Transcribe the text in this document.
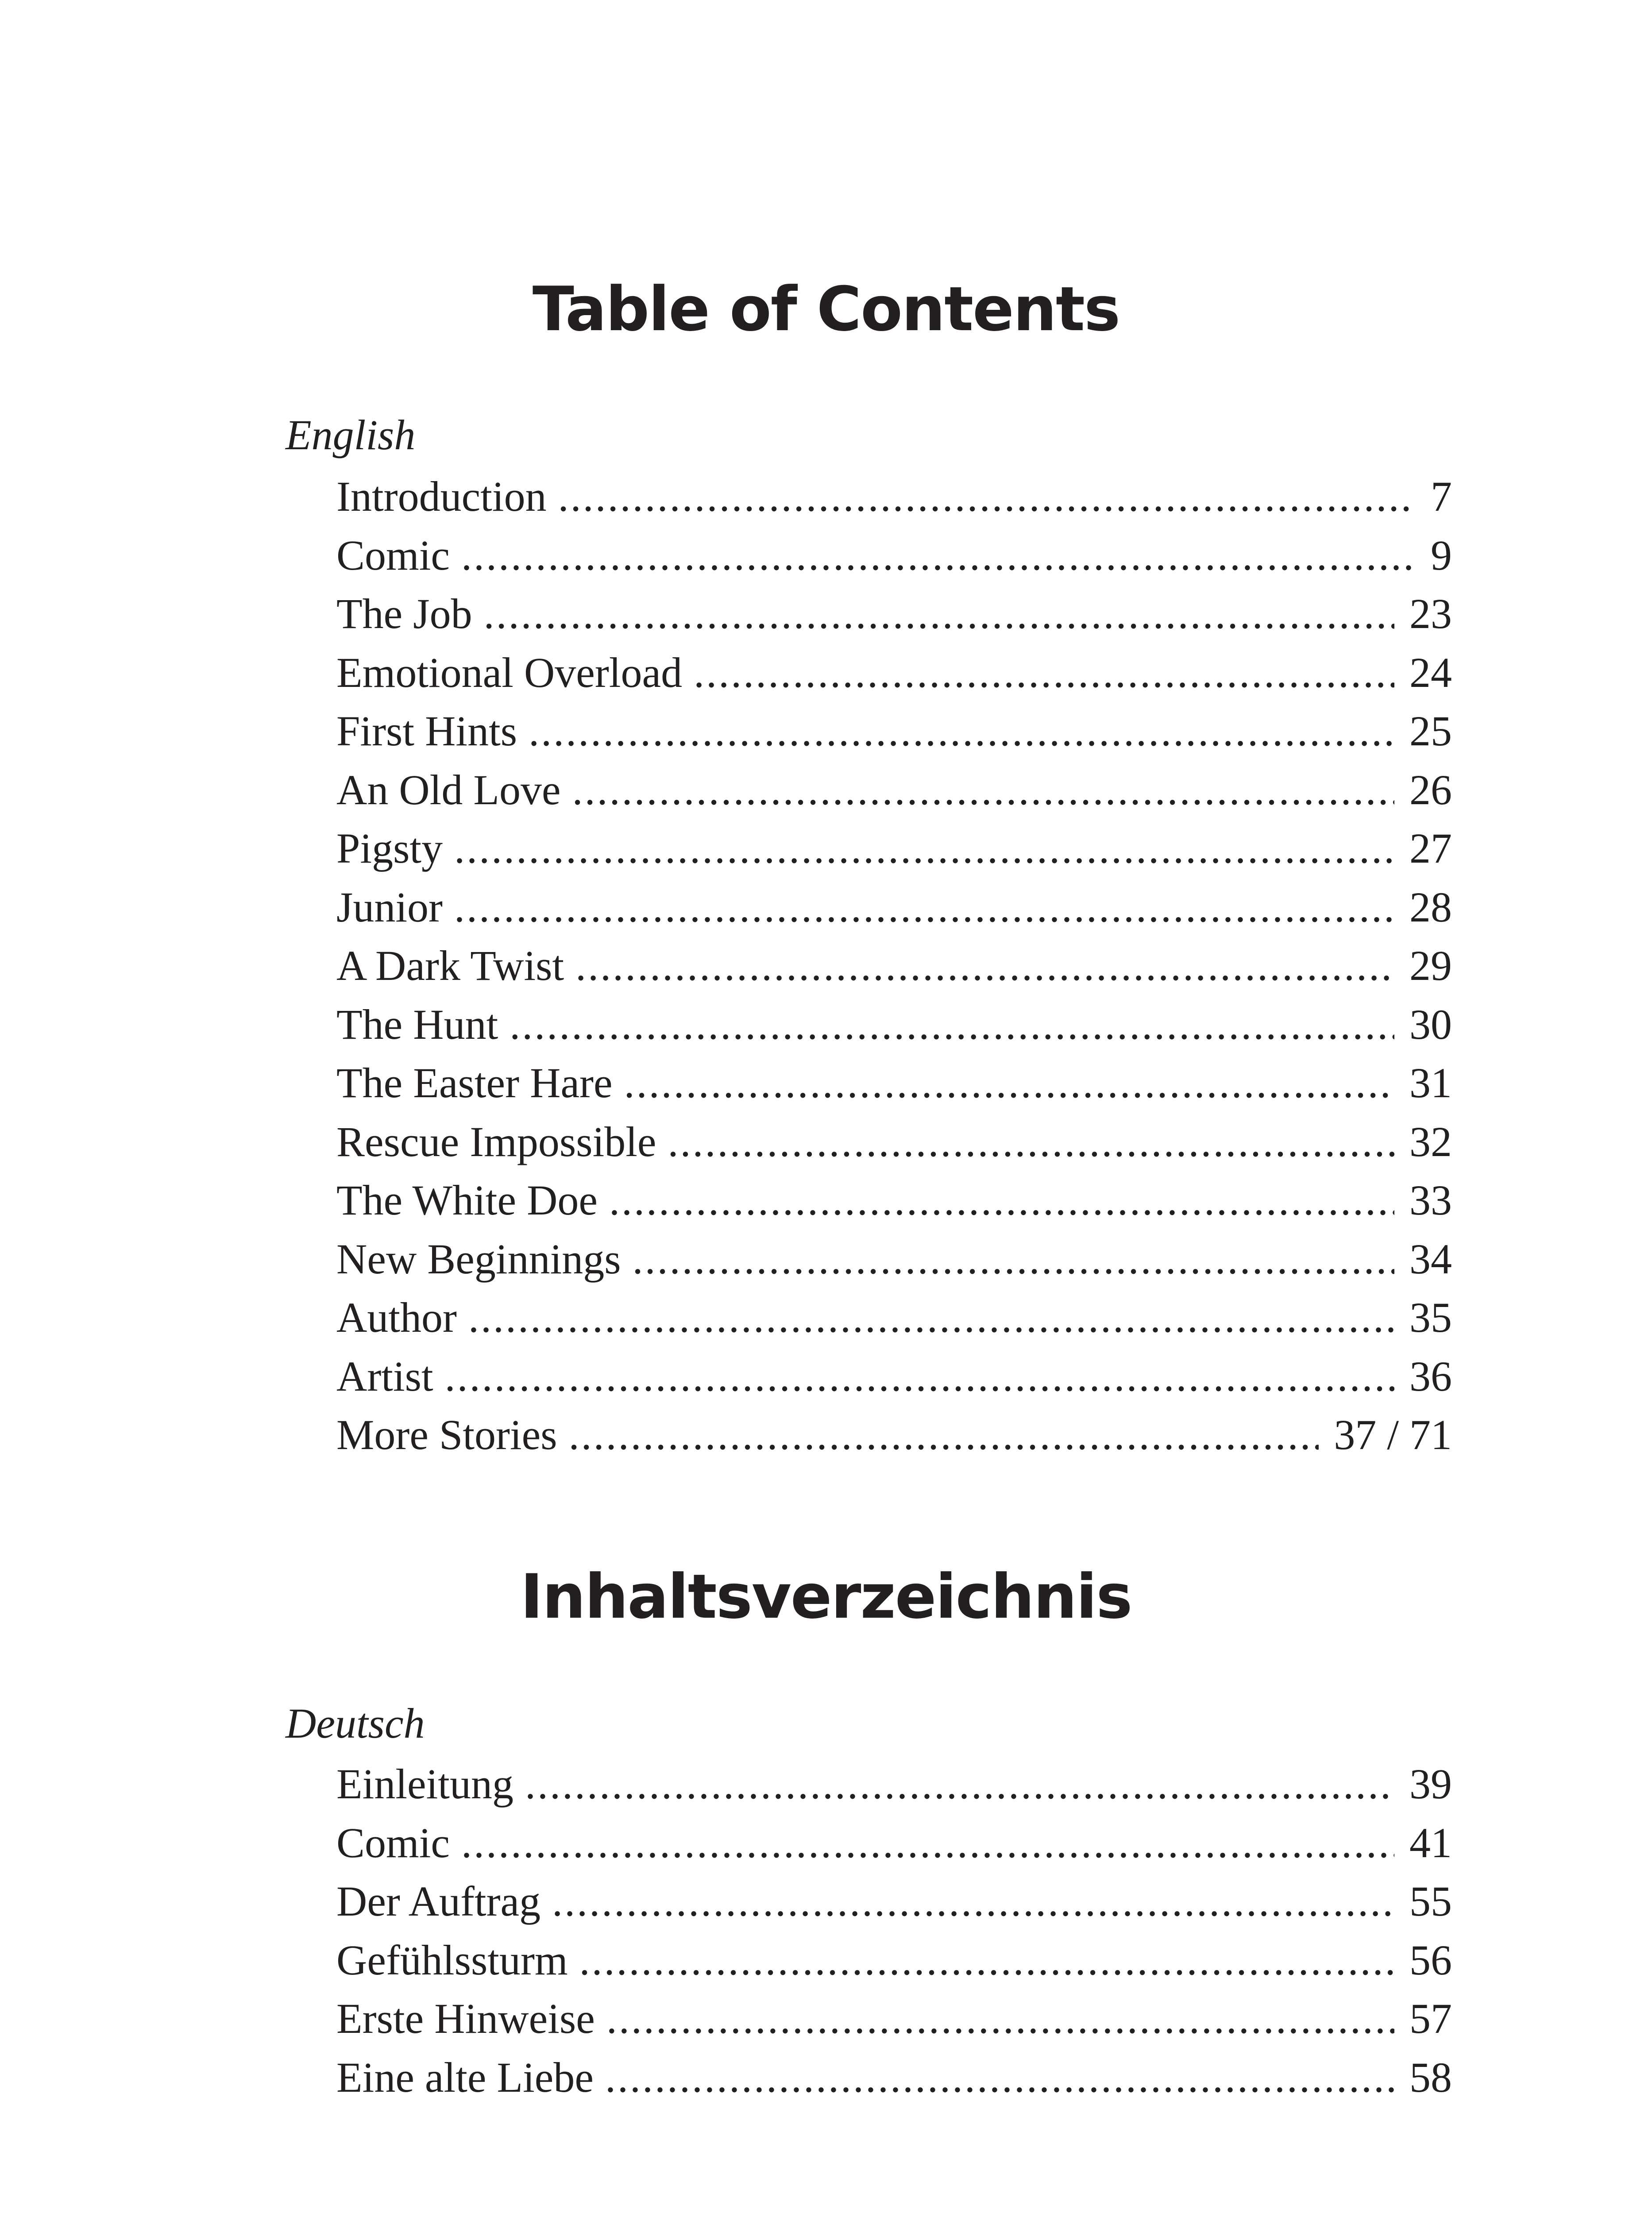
Table of Contents
English
Introduction .....	7
Comic .....	9
The Job .....	23
Emotional Overload .....	24
First Hints .....	25
An Old Love .....	26
Pigsty .....	27
Junior .....	28
A Dark Twist .....	29
The Hunt .....	30
The Easter Hare .....	31
Rescue Impossible .....	32
The White Doe .....	33
New Beginnings .....	34
Author .....	35
Artist .....	36
More Stories .....	37 / 71
Inhaltsverzeichnis
Deutsch
Einleitung .....	39
Comic .....	41
Der Auftrag .....	55
Gefühlssturm .....	56
Erste Hinweise .....	57
Eine alte Liebe .....	58
